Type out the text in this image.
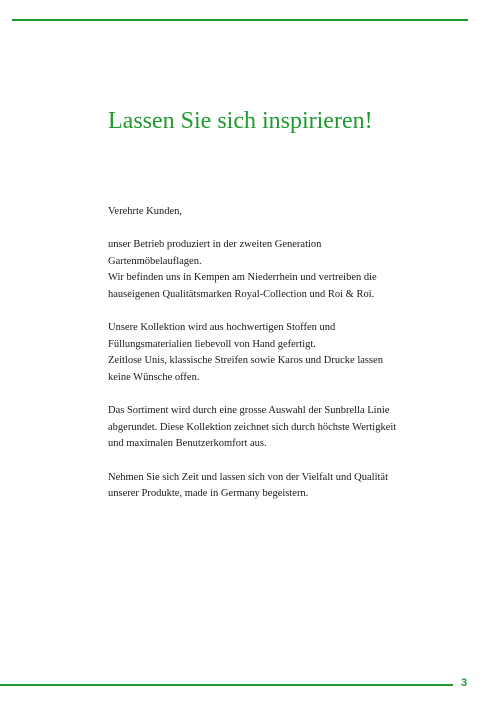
Lassen Sie sich inspirieren!

Verehrte Kunden,

unser Betrieb produziert in der zweiten Generation
Gartenmöbelauflagen.
Wir befinden uns in Kempen am Niederrhein und vertreiben die
hauseigenen Qualitätsmarken Royal-Collection und Roi & Roi.

Unsere Kollektion wird aus hochwertigen Stoffen und
Füllungsmaterialien liebevoll von Hand gefertigt.
Zeitlose Unis, klassische Streifen sowie Karos und Drucke lassen
keine Wünsche offen.

Das Sortiment wird durch eine grosse Auswahl der Sunbrella Linie
abgerundet. Diese Kollektion zeichnet sich durch höchste Wertigkeit
und maximalen Benutzerkomfort aus.

Nehmen Sie sich Zeit und lassen sich von der Vielfalt und Qualität
unserer Produkte, made in Germany begeistern.

3
